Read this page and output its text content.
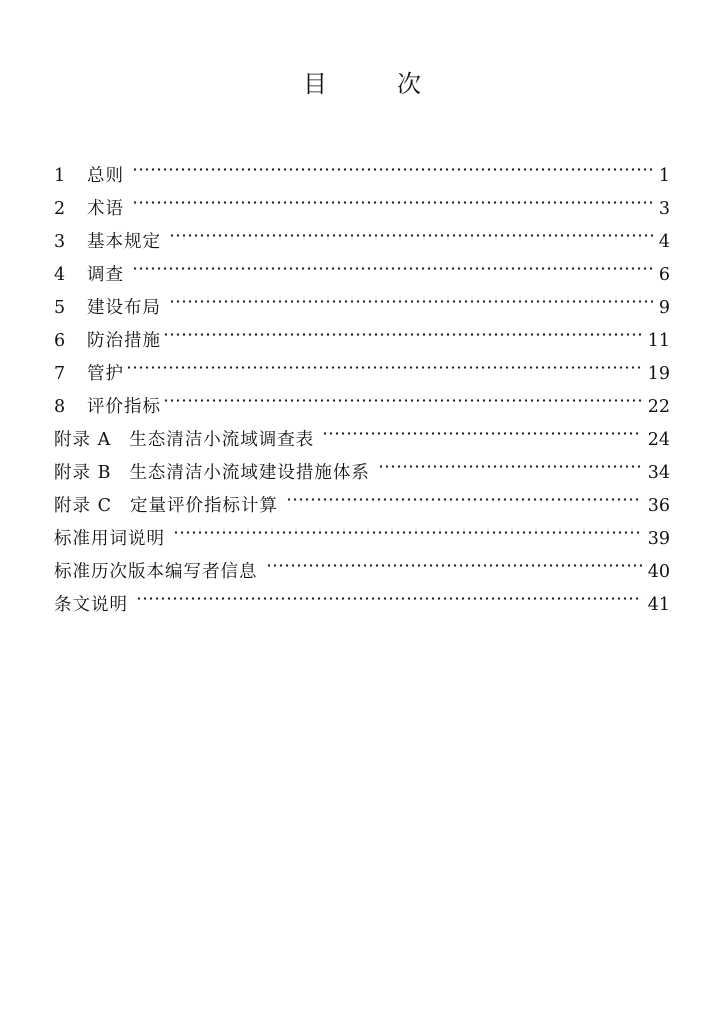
目	次
1	总则	1
2	术语	3
3	基本规定	4
4	调查	6
5	建设布局	9
6	防治措施	11
7	管护	19
8	评价指标	22
附录 A 生态清洁小流域调查表	24
附录 B 生态清洁小流域建设措施体系	34
附录 C 定量评价指标计算	36
标准用词说明	39
标准历次版本编写者信息	40
条文说明	41
